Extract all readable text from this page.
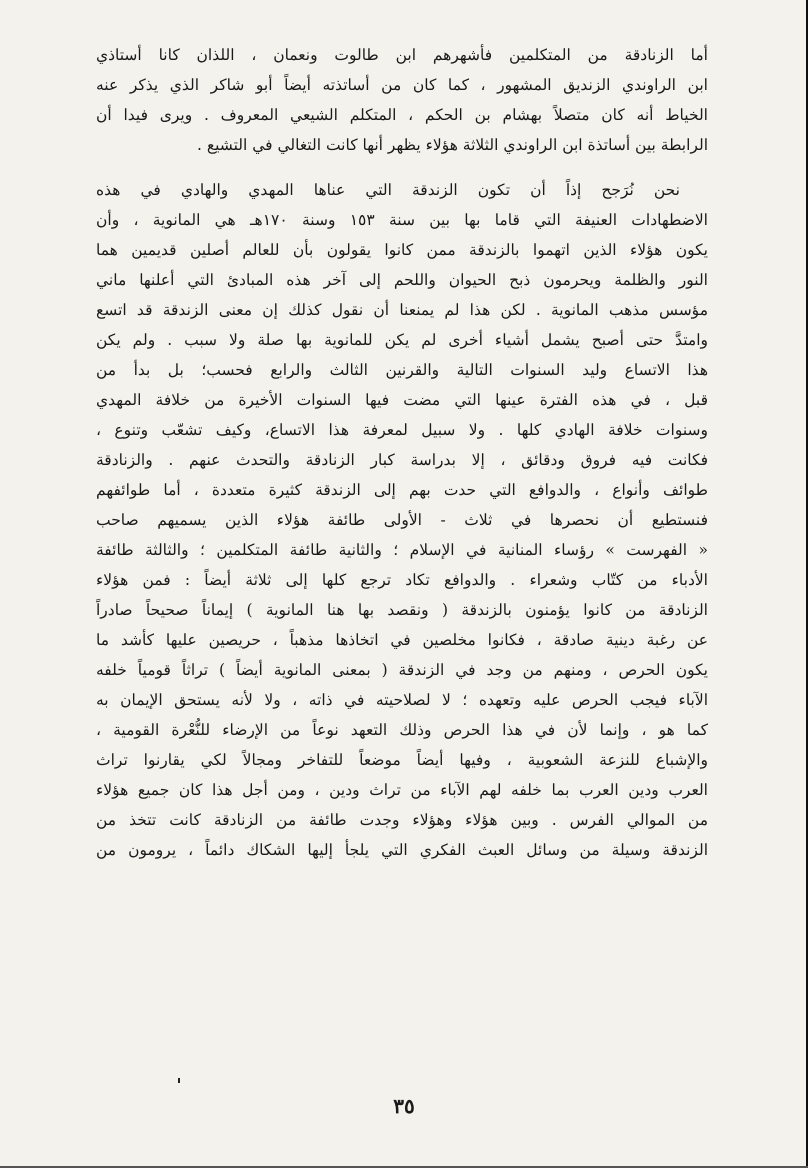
أما الزنادقة من المتكلمين فأشهرهم ابن طالوت ونعمان ، اللذان كانا أستاذي
ابن الراوندي الزنديق المشهور ، كما كان من أساتذته أيضاً أبو شاكر الذي يذكر عنه
الخياط أنه كان متصلاً بهشام بن الحكم ، المتكلم الشيعي المعروف . ويرى فيدا أن
الرابطة بين أساتذة ابن الراوندي الثلاثة هؤلاء يظهر أنها كانت التغالي في التشيع .
نحن نُرَجح إذاً أن تكون الزندقة التي عناها المهدي والهادي في هذه
الاضطهادات العنيفة التي قاما بها بين سنة ١٥٣ وسنة ١٧٠هـ هي المانوية ، وأن
يكون هؤلاء الذين اتهموا بالزندقة ممن كانوا يقولون بأن للعالم أصلين قديمين هما
النور والظلمة ويحرمون ذبح الحيوان واللحم إلى آخر هذه المبادئ التي أعلنها ماني
مؤسس مذهب المانوية . لكن هذا لم يمنعنا أن نقول كذلك إن معنى الزندقة قد اتسع
وامتدَّ حتى أصبح يشمل أشياء أخرى لم يكن للمانوية بها صلة ولا سبب . ولم يكن
هذا الاتساع وليد السنوات التالية والقرنين الثالث والرابع فحسب؛ بل بدأ من
قبل ، في هذه الفترة عينها التي مضت فيها السنوات الأخيرة من خلافة المهدي
وسنوات خلافة الهادي كلها . ولا سبيل لمعرفة هذا الاتساع، وكيف تشعّب وتنوع ،
فكانت فيه فروق ودقائق ، إلا بدراسة كبار الزنادقة والتحدث عنهم . والزنادقة
طوائف وأنواع ، والدوافع التي حدت بهم إلى الزندقة كثيرة متعددة ، أما طوائفهم
فنستطيع أن نحصرها في ثلاث - الأولى طائفة هؤلاء الذين يسميهم صاحب
« الفهرست » رؤساء المنانية في الإسلام ؛ والثانية طائفة المتكلمين ؛ والثالثة طائفة
الأدباء من كتّاب وشعراء . والدوافع تكاد ترجع كلها إلى ثلاثة أيضاً : فمن هؤلاء
الزنادقة من كانوا يؤمنون بالزندقة ( ونقصد بها هنا المانوية ) إيماناً صحيحاً صادراً
عن رغبة دينية صادقة ، فكانوا مخلصين في اتخاذها مذهباً ، حريصين عليها كأشد ما
يكون الحرص ، ومنهم من وجد في الزندقة ( بمعنى المانوية أيضاً ) تراثاً قومياً خلفه
الآباء فيجب الحرص عليه وتعهده ؛ لا لصلاحيته في ذاته ، ولا لأنه يستحق الإيمان به
كما هو ، وإنما لأن في هذا الحرص وذلك التعهد نوعاً من الإرضاء للنُّعْرة القومية ،
والإشباع للنزعة الشعوبية ، وفيها أيضاً موضعاً للتفاخر ومجالاً لكي يقارنوا تراث
العرب ودين العرب بما خلفه لهم الآباء من تراث ودين ، ومن أجل هذا كان جميع هؤلاء
من الموالي الفرس . وبين هؤلاء وهؤلاء وجدت طائفة من الزنادقة كانت تتخذ من
الزندقة وسيلة من وسائل العبث الفكري التي يلجأ إليها الشكاك دائماً ، يرومون من
٣٥
